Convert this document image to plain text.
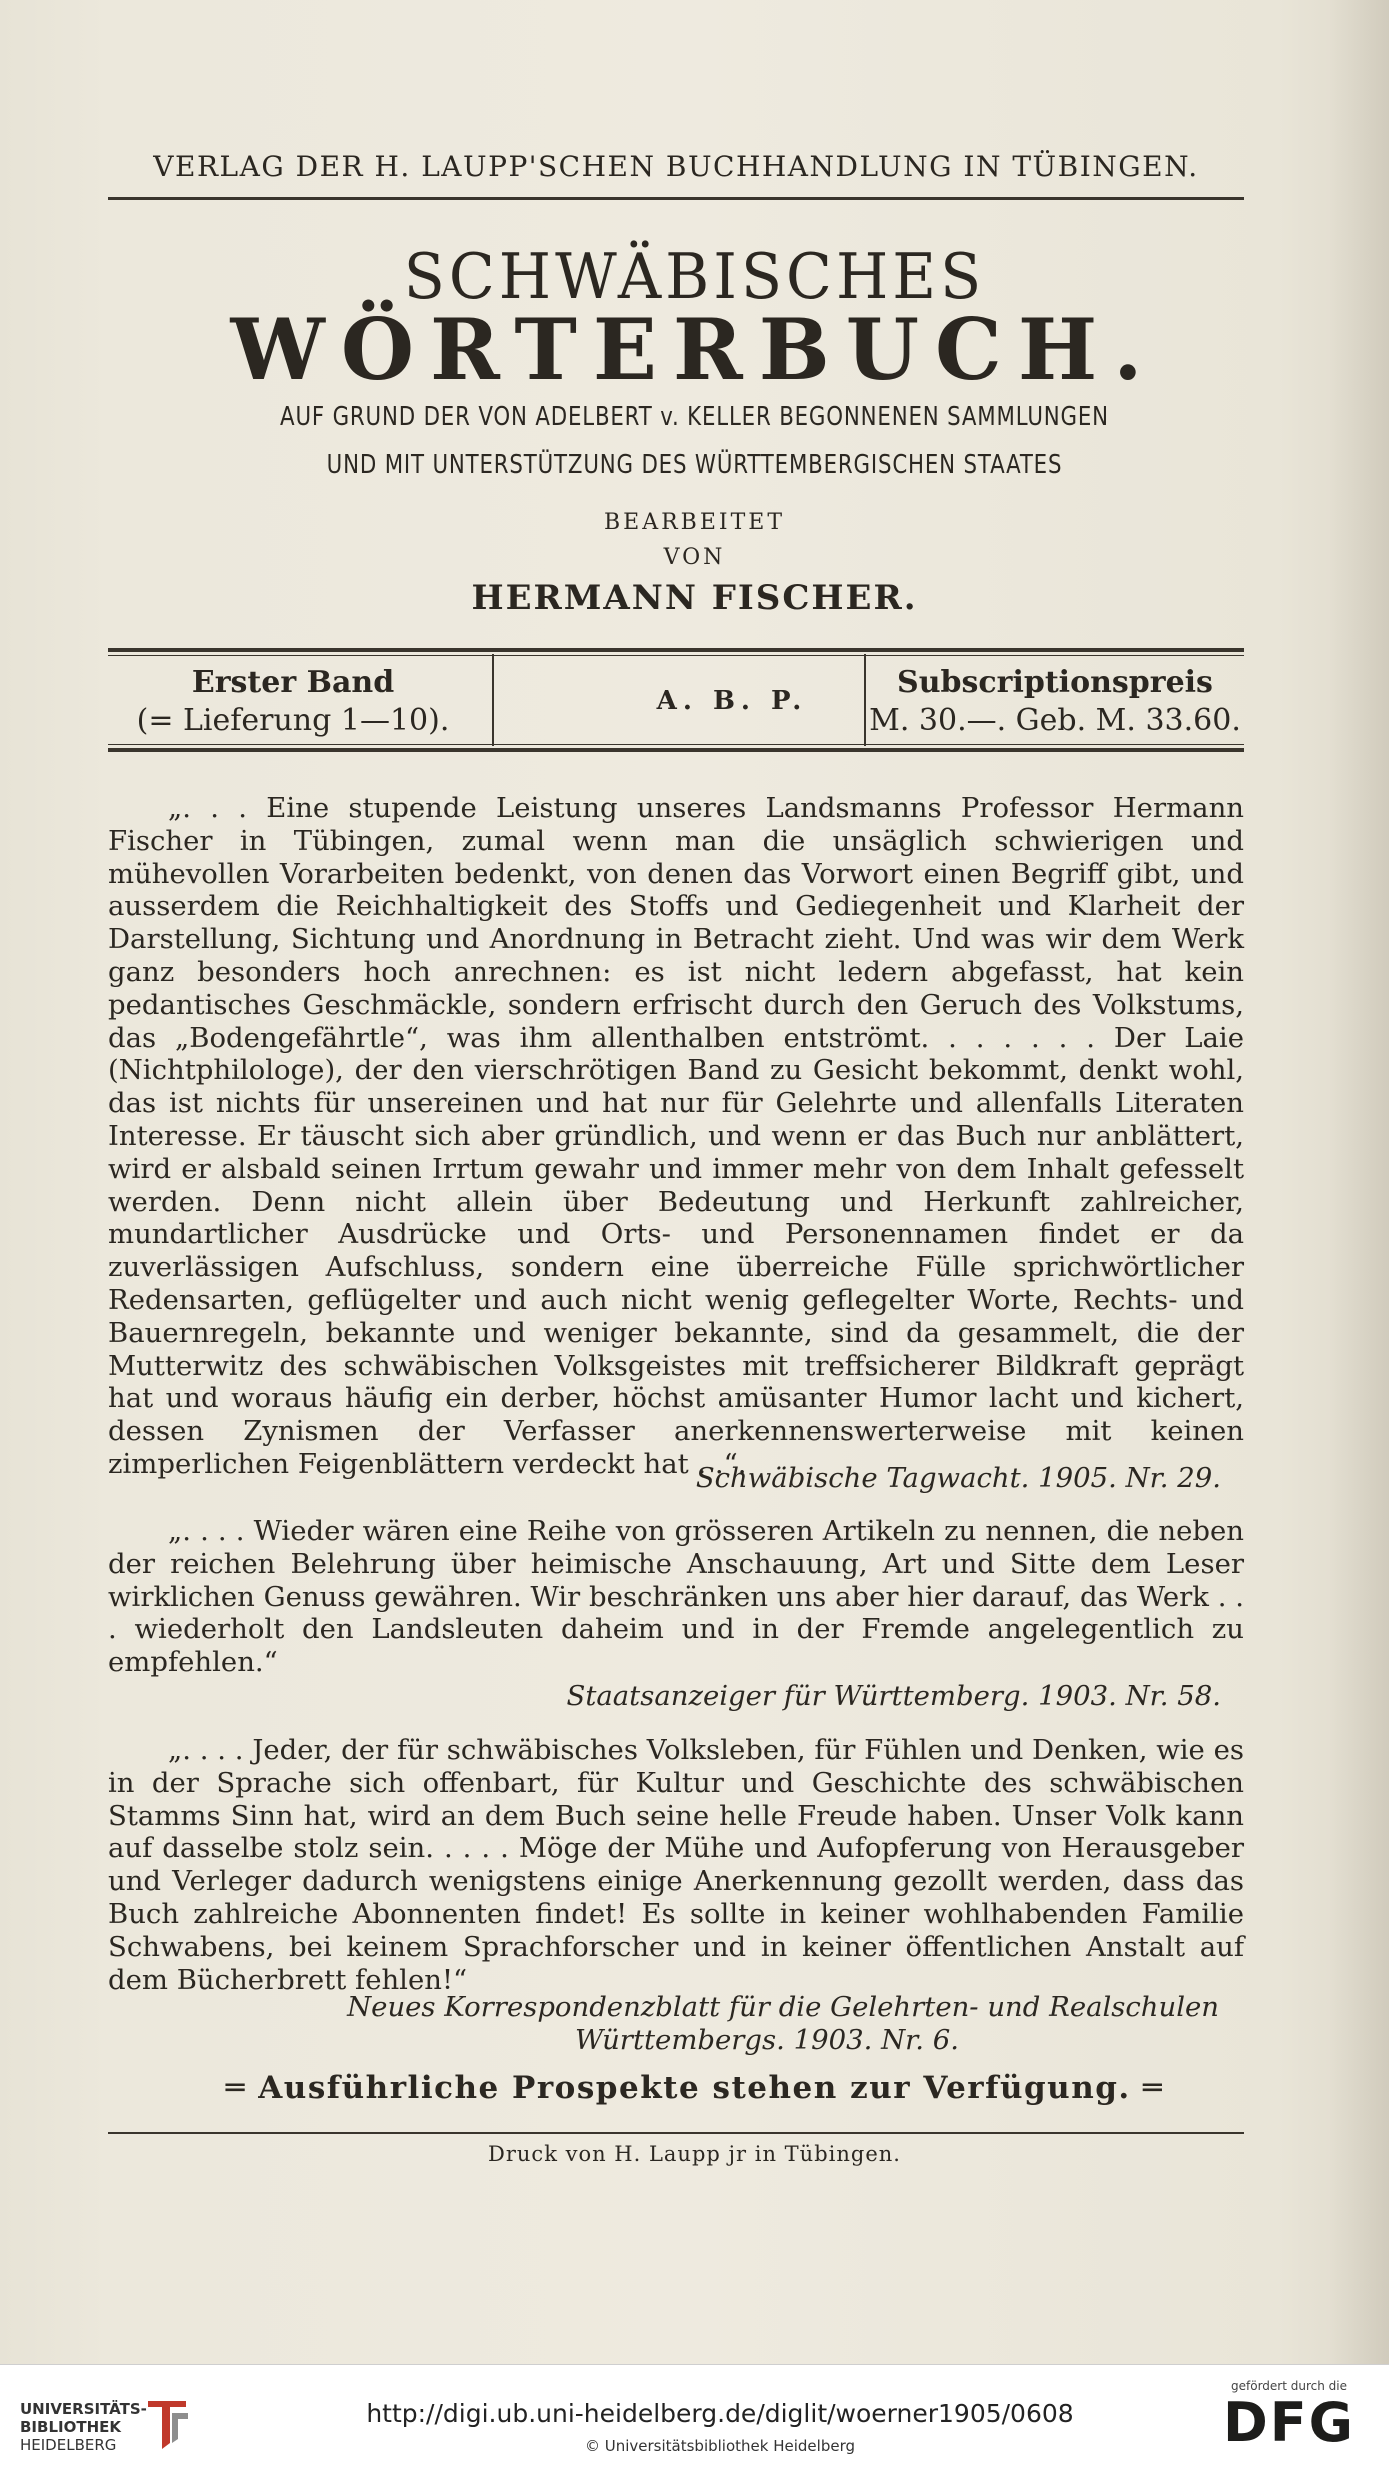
VERLAG DER H. LAUPP'SCHEN BUCHHANDLUNG IN TÜBINGEN.
SCHWÄBISCHES
WÖRTERBUCH.
AUF GRUND DER VON ADELBERT v. KELLER BEGONNENEN SAMMLUNGEN
UND MIT UNTERSTÜTZUNG DES WÜRTTEMBERGISCHEN STAATES
BEARBEITET
VON
HERMANN FISCHER.
Erster Band
(= Lieferung 1—10).
A. B. P.
Subscriptionspreis
M. 30.—. Geb. M. 33.60.

„. . . Eine stupende Leistung unseres Landsmanns Professor Hermann Fischer in Tübingen, zumal wenn man die unsäglich schwierigen und mühevollen Vorarbeiten bedenkt, von denen das Vorwort einen Begriff gibt, und ausserdem die Reichhaltigkeit des Stoffs und Gediegenheit und Klarheit der Darstellung, Sichtung und Anordnung in Betracht zieht. Und was wir dem Werk ganz besonders hoch anrechnen: es ist nicht ledern abgefasst, hat kein pedantisches Geschmäckle, sondern erfrischt durch den Geruch des Volkstums, das „Bodengefährtle“, was ihm allenthalben entströmt. . . . . . . Der Laie (Nichtphilologe), der den vierschrötigen Band zu Gesicht bekommt, denkt wohl, das ist nichts für unsereinen und hat nur für Gelehrte und allenfalls Literaten Interesse. Er täuscht sich aber gründlich, und wenn er das Buch nur anblättert, wird er alsbald seinen Irrtum gewahr und immer mehr von dem Inhalt gefesselt werden. Denn nicht allein über Bedeutung und Herkunft zahlreicher, mundartlicher Ausdrücke und Orts- und Personennamen findet er da zuverlässigen Aufschluss, sondern eine überreiche Fülle sprichwörtlicher Redensarten, geflügelter und auch nicht wenig geflegelter Worte, Rechts- und Bauernregeln, bekannte und weniger bekannte, sind da gesammelt, die der Mutterwitz des schwäbischen Volksgeistes mit treffsicherer Bildkraft geprägt hat und woraus häufig ein derber, höchst amüsanter Humor lacht und kichert, dessen Zynismen der Verfasser anerkennenswerterweise mit keinen zimperlichen Feigenblättern verdeckt hat . .“.

Schwäbische Tagwacht. 1905. Nr. 29.

„. . . . Wieder wären eine Reihe von grösseren Artikeln zu nennen, die neben der reichen Belehrung über heimische Anschauung, Art und Sitte dem Leser wirklichen Genuss gewähren. Wir beschränken uns aber hier darauf, das Werk . . . wiederholt den Landsleuten daheim und in der Fremde angelegentlich zu empfehlen.“

Staatsanzeiger für Württemberg. 1903. Nr. 58.

„. . . . Jeder, der für schwäbisches Volksleben, für Fühlen und Denken, wie es in der Sprache sich offenbart, für Kultur und Geschichte des schwäbischen Stamms Sinn hat, wird an dem Buch seine helle Freude haben. Unser Volk kann auf dasselbe stolz sein. . . . . Möge der Mühe und Aufopferung von Herausgeber und Verleger dadurch wenigstens einige Anerkennung gezollt werden, dass das Buch zahlreiche Abonnenten findet! Es sollte in keiner wohlhabenden Familie Schwabens, bei keinem Sprachforscher und in keiner öffentlichen Anstalt auf dem Bücherbrett fehlen!“

Neues Korrespondenzblatt für die Gelehrten- und Realschulen
Württembergs. 1903. Nr. 6.
═ Ausführliche Prospekte stehen zur Verfügung. ═
Druck von H. Laupp jr in Tübingen.
UNIVERSITÄTS-
BIBLIOTHEK
HEIDELBERG
http://digi.ub.uni-heidelberg.de/diglit/woerner1905/0608
© Universitätsbibliothek Heidelberg
gefördert durch die
DFG
